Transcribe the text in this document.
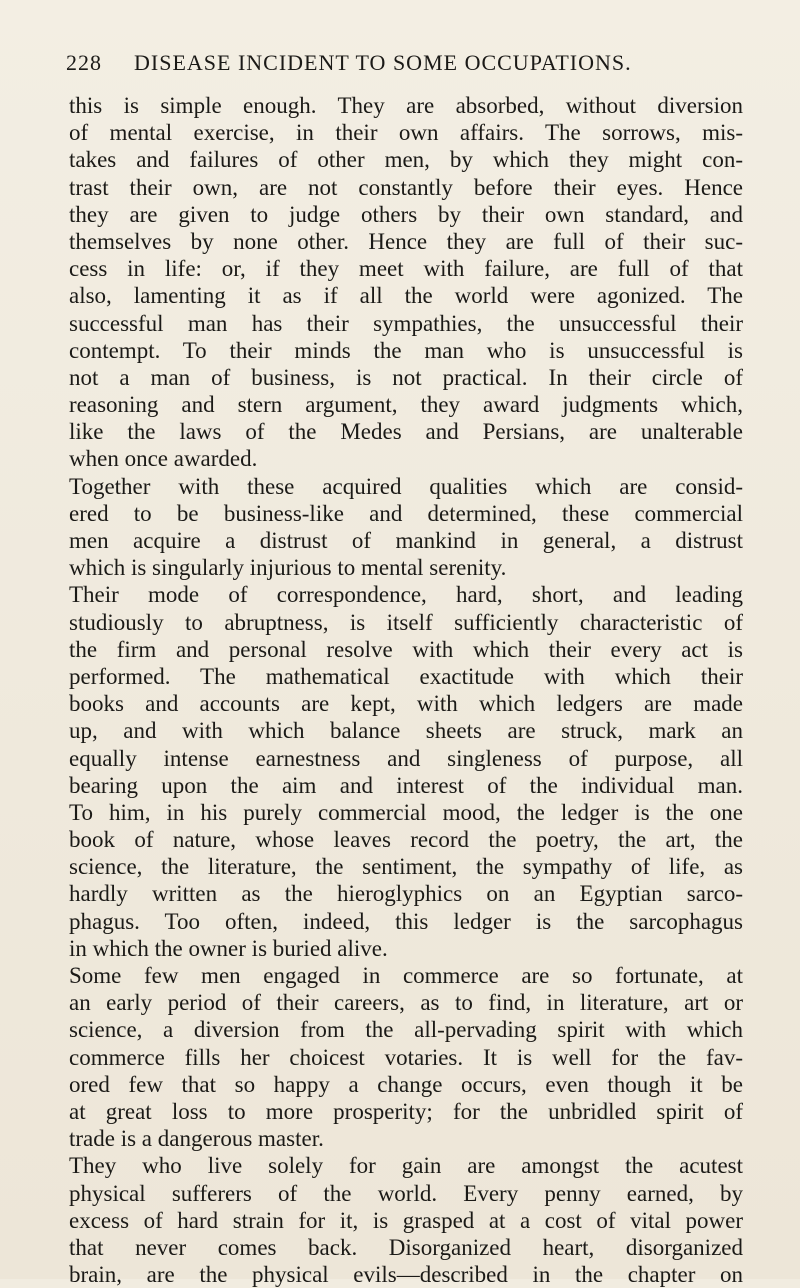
228 DISEASE INCIDENT TO SOME OCCUPATIONS.
this is simple enough. They are absorbed, without diversion
of mental exercise, in their own affairs. The sorrows, mis-
takes and failures of other men, by which they might con-
trast their own, are not constantly before their eyes. Hence
they are given to judge others by their own standard, and
themselves by none other. Hence they are full of their suc-
cess in life: or, if they meet with failure, are full of that
also, lamenting it as if all the world were agonized. The
successful man has their sympathies, the unsuccessful their
contempt. To their minds the man who is unsuccessful is
not a man of business, is not practical. In their circle of
reasoning and stern argument, they award judgments which,
like the laws of the Medes and Persians, are unalterable
when once awarded.
Together with these acquired qualities which are consid-
ered to be business-like and determined, these commercial
men acquire a distrust of mankind in general, a distrust
which is singularly injurious to mental serenity.
Their mode of correspondence, hard, short, and leading
studiously to abruptness, is itself sufficiently characteristic of
the firm and personal resolve with which their every act is
performed. The mathematical exactitude with which their
books and accounts are kept, with which ledgers are made
up, and with which balance sheets are struck, mark an
equally intense earnestness and singleness of purpose, all
bearing upon the aim and interest of the individual man.
To him, in his purely commercial mood, the ledger is the one
book of nature, whose leaves record the poetry, the art, the
science, the literature, the sentiment, the sympathy of life, as
hardly written as the hieroglyphics on an Egyptian sarco-
phagus. Too often, indeed, this ledger is the sarcophagus
in which the owner is buried alive.
Some few men engaged in commerce are so fortunate, at
an early period of their careers, as to find, in literature, art or
science, a diversion from the all-pervading spirit with which
commerce fills her choicest votaries. It is well for the fav-
ored few that so happy a change occurs, even though it be
at great loss to more prosperity; for the unbridled spirit of
trade is a dangerous master.
They who live solely for gain are amongst the acutest
physical sufferers of the world. Every penny earned, by
excess of hard strain for it, is grasped at a cost of vital power
that never comes back. Disorganized heart, disorganized
brain, are the physical evils—described in the chapter on
